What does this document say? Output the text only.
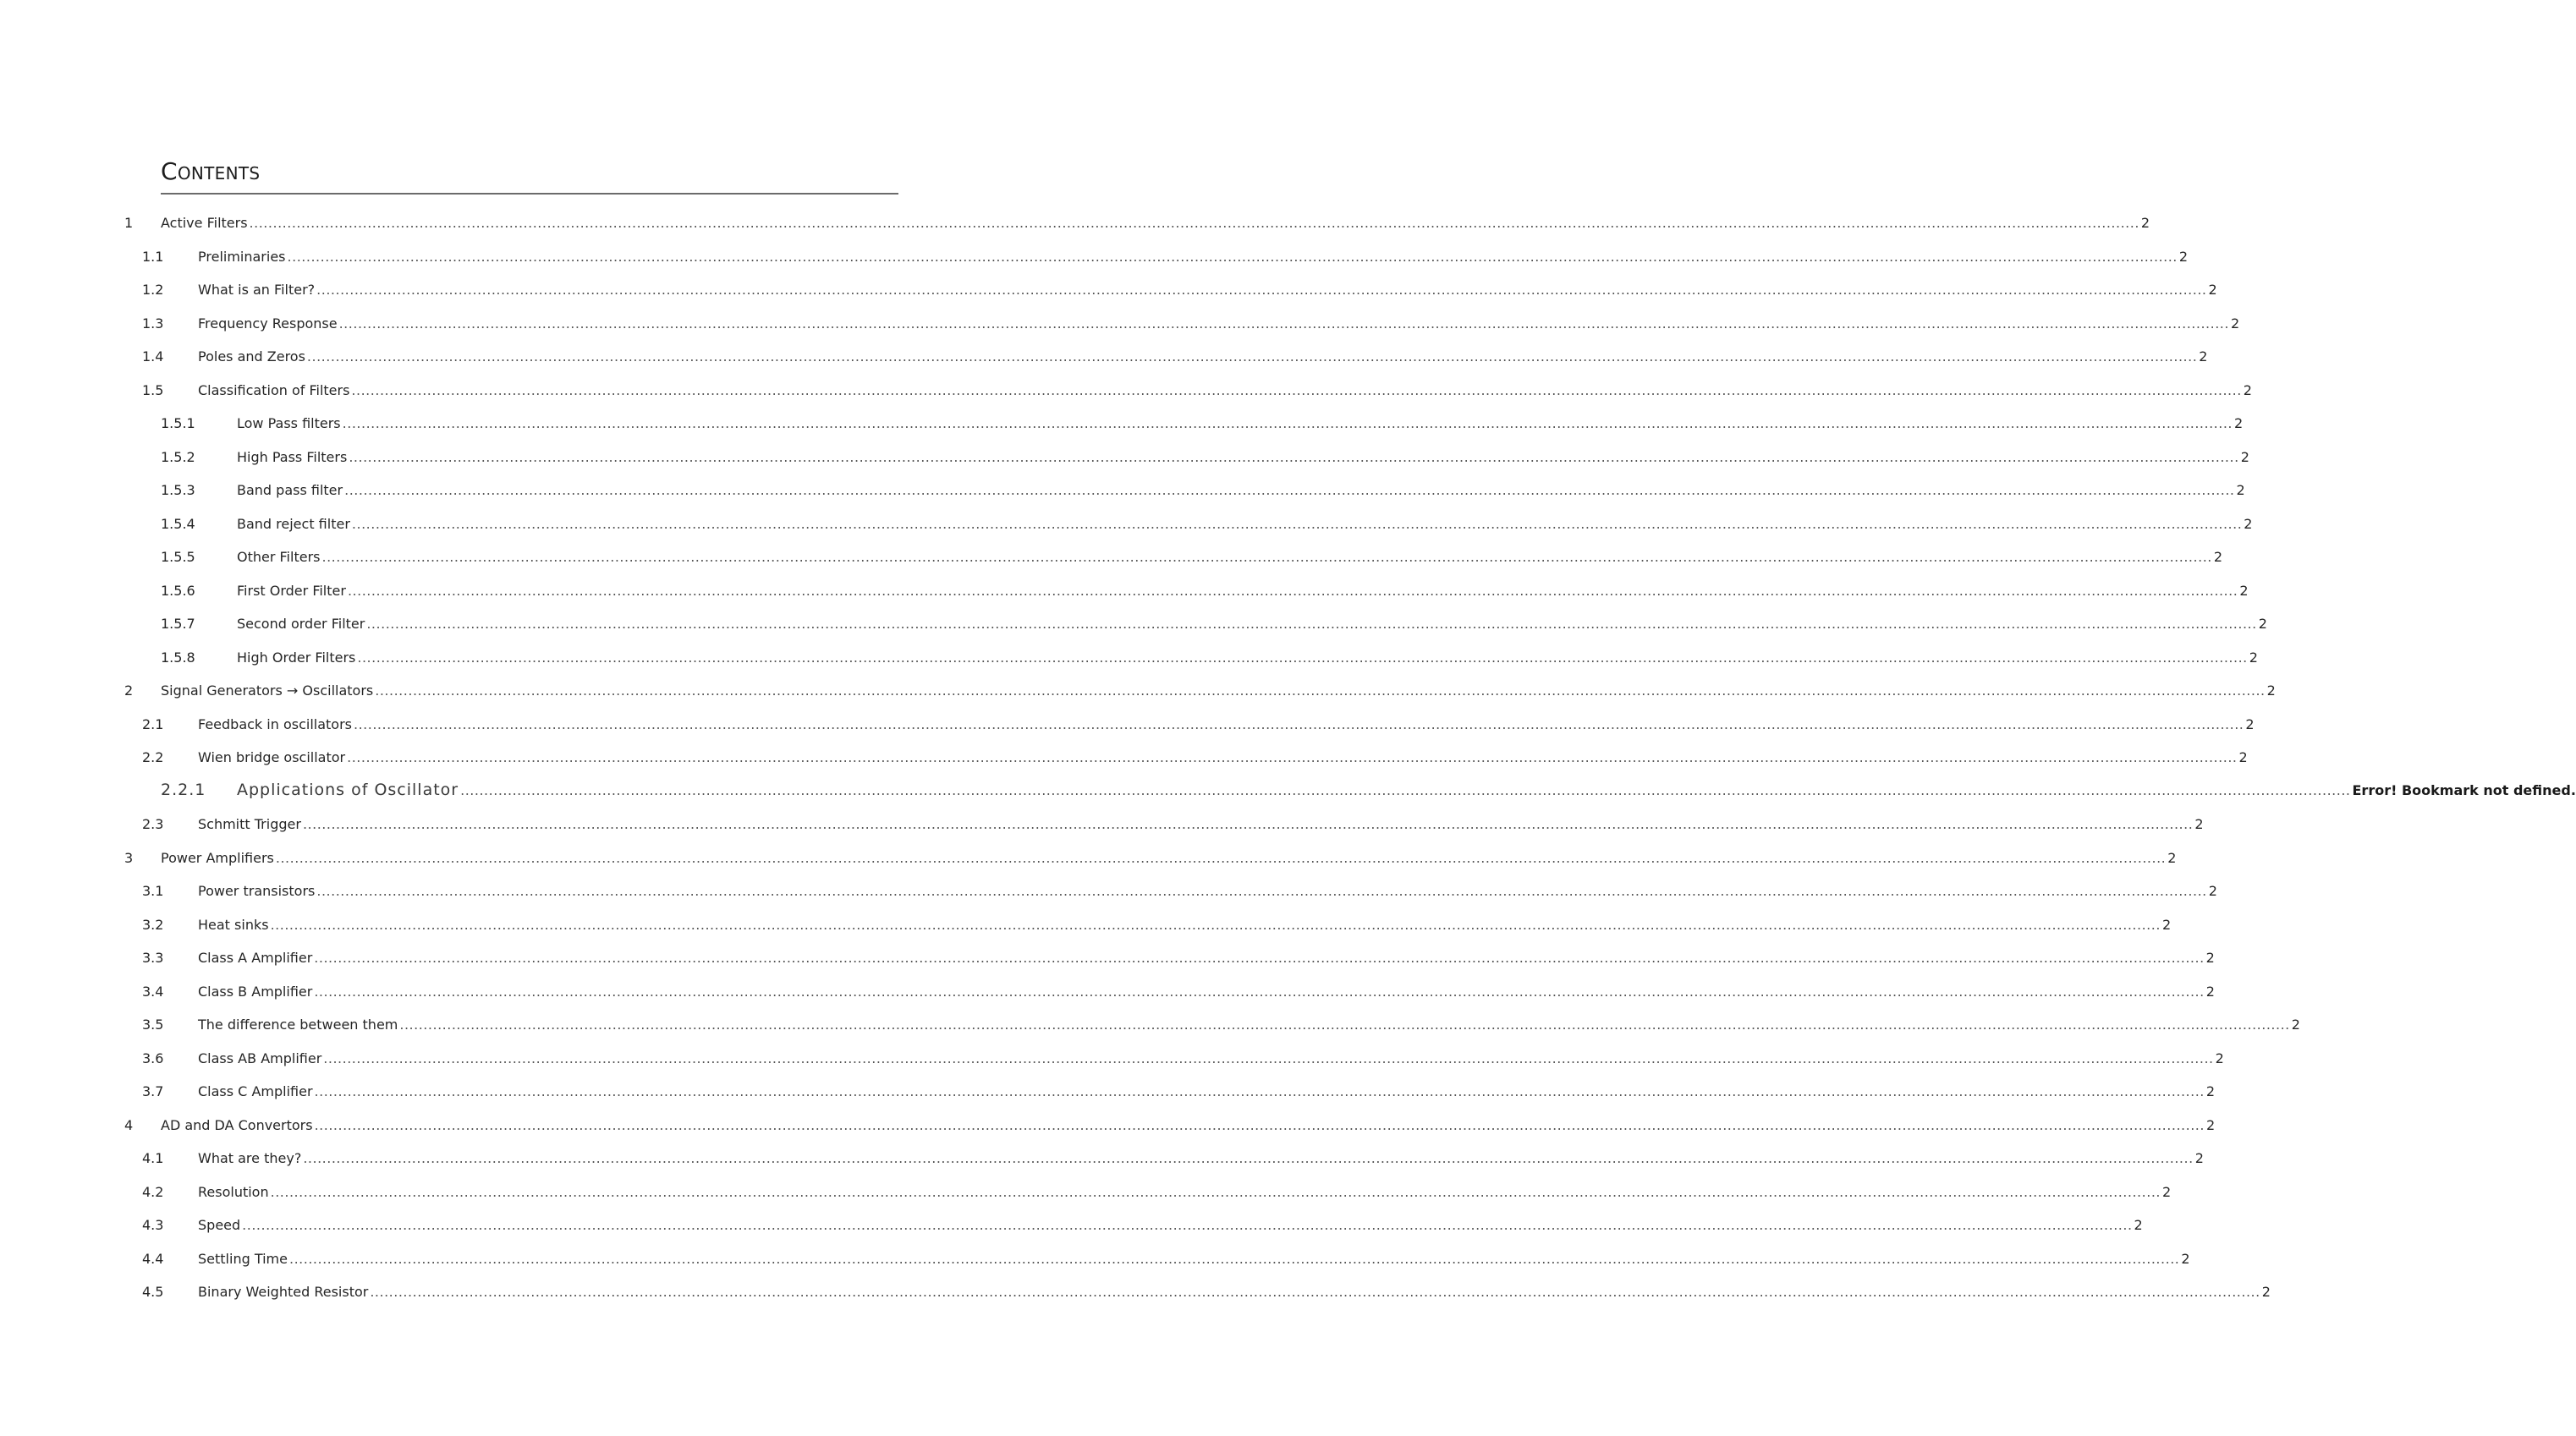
CONTENTS
1 Active Filters ................................................................................................................................................................................................................................................................................................................................................................................................................ 2
1.1	Preliminaries ................................................................................................................................................................................................................................................................................................................................................................................................................ 2
1.2	What is an Filter? ................................................................................................................................................................................................................................................................................................................................................................................................................ 2
1.3	Frequency Response ................................................................................................................................................................................................................................................................................................................................................................................................................ 2
1.4	Poles and Zeros ................................................................................................................................................................................................................................................................................................................................................................................................................ 2
1.5	Classification of Filters ................................................................................................................................................................................................................................................................................................................................................................................................................ 2
1.5.1	Low Pass filters ................................................................................................................................................................................................................................................................................................................................................................................................................ 2
1.5.2	High Pass Filters ................................................................................................................................................................................................................................................................................................................................................................................................................ 2
1.5.3	Band pass filter ................................................................................................................................................................................................................................................................................................................................................................................................................ 2
1.5.4	Band reject filter ................................................................................................................................................................................................................................................................................................................................................................................................................ 2
1.5.5	Other Filters ................................................................................................................................................................................................................................................................................................................................................................................................................ 2
1.5.6	First Order Filter ................................................................................................................................................................................................................................................................................................................................................................................................................ 2
1.5.7	Second order Filter ................................................................................................................................................................................................................................................................................................................................................................................................................ 2
1.5.8	High Order Filters ................................................................................................................................................................................................................................................................................................................................................................................................................ 2
2 Signal Generators → Oscillators ................................................................................................................................................................................................................................................................................................................................................................................................................ 2
2.1	Feedback in oscillators ................................................................................................................................................................................................................................................................................................................................................................................................................ 2
2.2	Wien bridge oscillator ................................................................................................................................................................................................................................................................................................................................................................................................................ 2
2.2.1 Applications of Oscillator ................................................................................................................................................................................................................................................................................................................................................................................................................ Error! Bookmark not defined.
2.3	Schmitt Trigger ................................................................................................................................................................................................................................................................................................................................................................................................................ 2
3 Power Amplifiers ................................................................................................................................................................................................................................................................................................................................................................................................................ 2
3.1	Power transistors ................................................................................................................................................................................................................................................................................................................................................................................................................ 2
3.2	Heat sinks ................................................................................................................................................................................................................................................................................................................................................................................................................ 2
3.3	Class A Amplifier ................................................................................................................................................................................................................................................................................................................................................................................................................ 2
3.4	Class B Amplifier ................................................................................................................................................................................................................................................................................................................................................................................................................ 2
3.5	The difference between them ................................................................................................................................................................................................................................................................................................................................................................................................................ 2
3.6	Class AB Amplifier ................................................................................................................................................................................................................................................................................................................................................................................................................ 2
3.7	Class C Amplifier ................................................................................................................................................................................................................................................................................................................................................................................................................ 2
4 AD and DA Convertors ................................................................................................................................................................................................................................................................................................................................................................................................................ 2
4.1	What are they? ................................................................................................................................................................................................................................................................................................................................................................................................................ 2
4.2	Resolution ................................................................................................................................................................................................................................................................................................................................................................................................................ 2
4.3	Speed ................................................................................................................................................................................................................................................................................................................................................................................................................ 2
4.4	Settling Time ................................................................................................................................................................................................................................................................................................................................................................................................................ 2
4.5	Binary Weighted Resistor ................................................................................................................................................................................................................................................................................................................................................................................................................ 2
